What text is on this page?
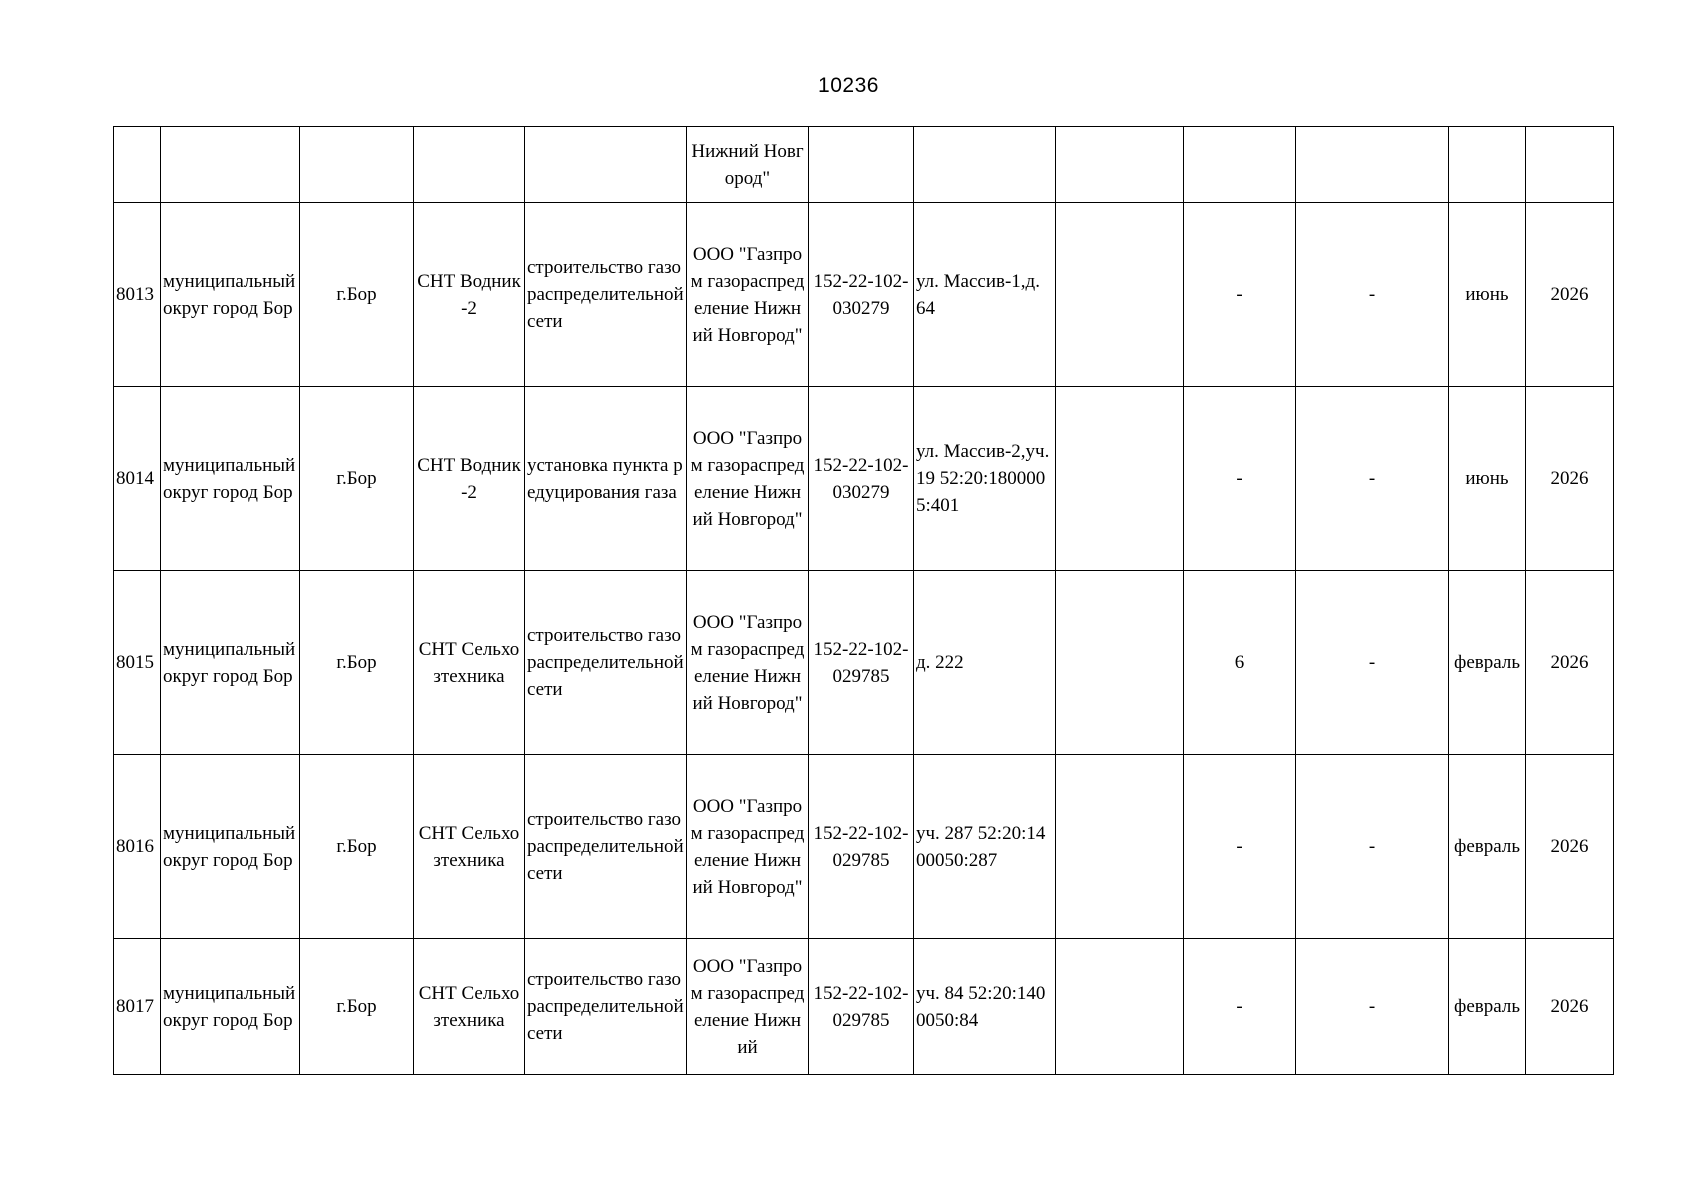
10236
					Нижний Новгород"							
8013	муниципальный округ город Бор	г.Бор	СНТ Водник-2	строительство газораспределительной сети	ООО "Газпром газораспределение Нижний Новгород"	152-22-102-030279	ул. Массив-1,д. 64		-	-	июнь	2026
8014	муниципальный округ город Бор	г.Бор	СНТ Водник-2	установка пункта редуцирования газа	ООО "Газпром газораспределение Нижний Новгород"	152-22-102-030279	ул. Массив-2,уч. 19 52:20:1800005:401		-	-	июнь	2026
8015	муниципальный округ город Бор	г.Бор	СНТ Сельхозтехника	строительство газораспределительной сети	ООО "Газпром газораспределение Нижний Новгород"	152-22-102-029785	д. 222		6	-	февраль	2026
8016	муниципальный округ город Бор	г.Бор	СНТ Сельхозтехника	строительство газораспределительной сети	ООО "Газпром газораспределение Нижний Новгород"	152-22-102-029785	уч. 287 52:20:1400050:287		-	-	февраль	2026
8017	муниципальный округ город Бор	г.Бор	СНТ Сельхозтехника	строительство газораспределительной сети	ООО "Газпром газораспределение Нижний	152-22-102-029785	уч. 84 52:20:1400050:84		-	-	февраль	2026
